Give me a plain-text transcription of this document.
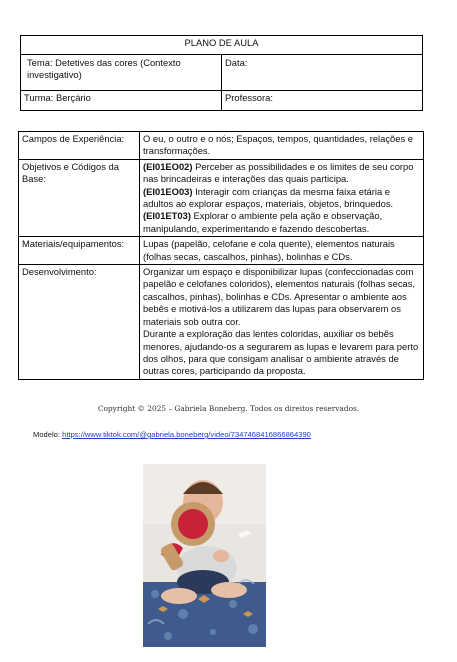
PLANO DE AULA	
Tema: Detetives das cores (Contexto investigativo)	Data:
Turma: Berçário	Professora:
Campos de Experiência:	O eu, o outro e o nós; Espaços, tempos, quantidades, relações e transformações.
Objetivos e Códigos da Base:	(EI01EO02) Perceber as possibilidades e os limites de seu corpo nas brincadeiras e interações das quais participa.
(EI01EO03) Interagir com crianças da mesma faixa etária e adultos ao explorar espaços, materiais, objetos, brinquedos.
(EI01ET03) Explorar o ambiente pela ação e observação, manipulando, experimentando e fazendo descobertas.
Materiais/equipamentos:	Lupas (papelão, celofane e cola quente), elementos naturais (folhas secas, cascalhos, pinhas), bolinhas e CDs.
Desenvolvimento:	Organizar um espaço e disponibilizar lupas (confeccionadas com papelão e celofanes coloridos), elementos naturais (folhas secas, cascalhos, pinhas), bolinhas e CDs. Apresentar o ambiente aos bebês e motivá-los a utilizarem das lupas para observarem os materiais sob outra cor.
Durante a exploração das lentes coloridas, auxiliar os bebês menores, ajudando-os a segurarem as lupas e levarem para perto dos olhos, para que consigam analisar o ambiente através de outras cores, participando da proposta.
Copyright © 2025 – Gabriela Boneberg. Todos os direitos reservados.
Modelo: https://www.tiktok.com/@gabriela.boneberg/video/7347468416866864390
